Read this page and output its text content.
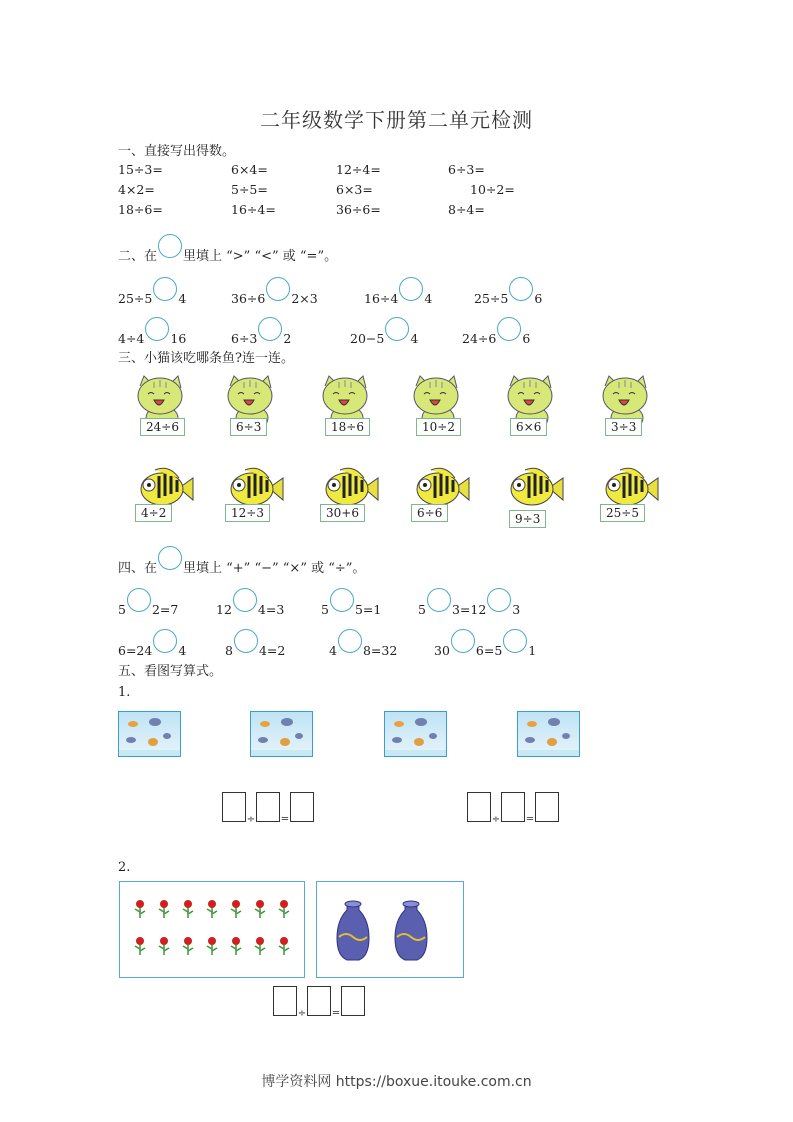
二年级数学下册第二单元检测
一、直接写出得数。
二、在 里填上 “>” “<” 或 “=”。
三、小猫该吃哪条鱼?连一连。
四、在 里填上 “+” “−” “×” 或 “÷”。
五、看图写算式。
1.
2.
博学资料网 https://boxue.itouke.com.cn
15÷3=	6×4=	12÷4=	6÷3=
4×2=	5÷5=	6×3=	10÷2=
18÷6=	16÷4=	36÷6=	8÷4=
25÷5 4	36÷6 2×3	16÷4 4	25÷5 6
4÷4 16	6÷3 2	20−5 4	24÷6 6
5 2=7	12 4=3	5 5=1	5 3=12 3
6=24 4	8 4=2	4 8=32	30 6=5 1
24÷6	6÷3	18÷6	10÷2	6×6	3÷3
4÷2	12÷3	30+6	6÷6	9÷3	25÷5
÷	=	÷	=
÷	=
